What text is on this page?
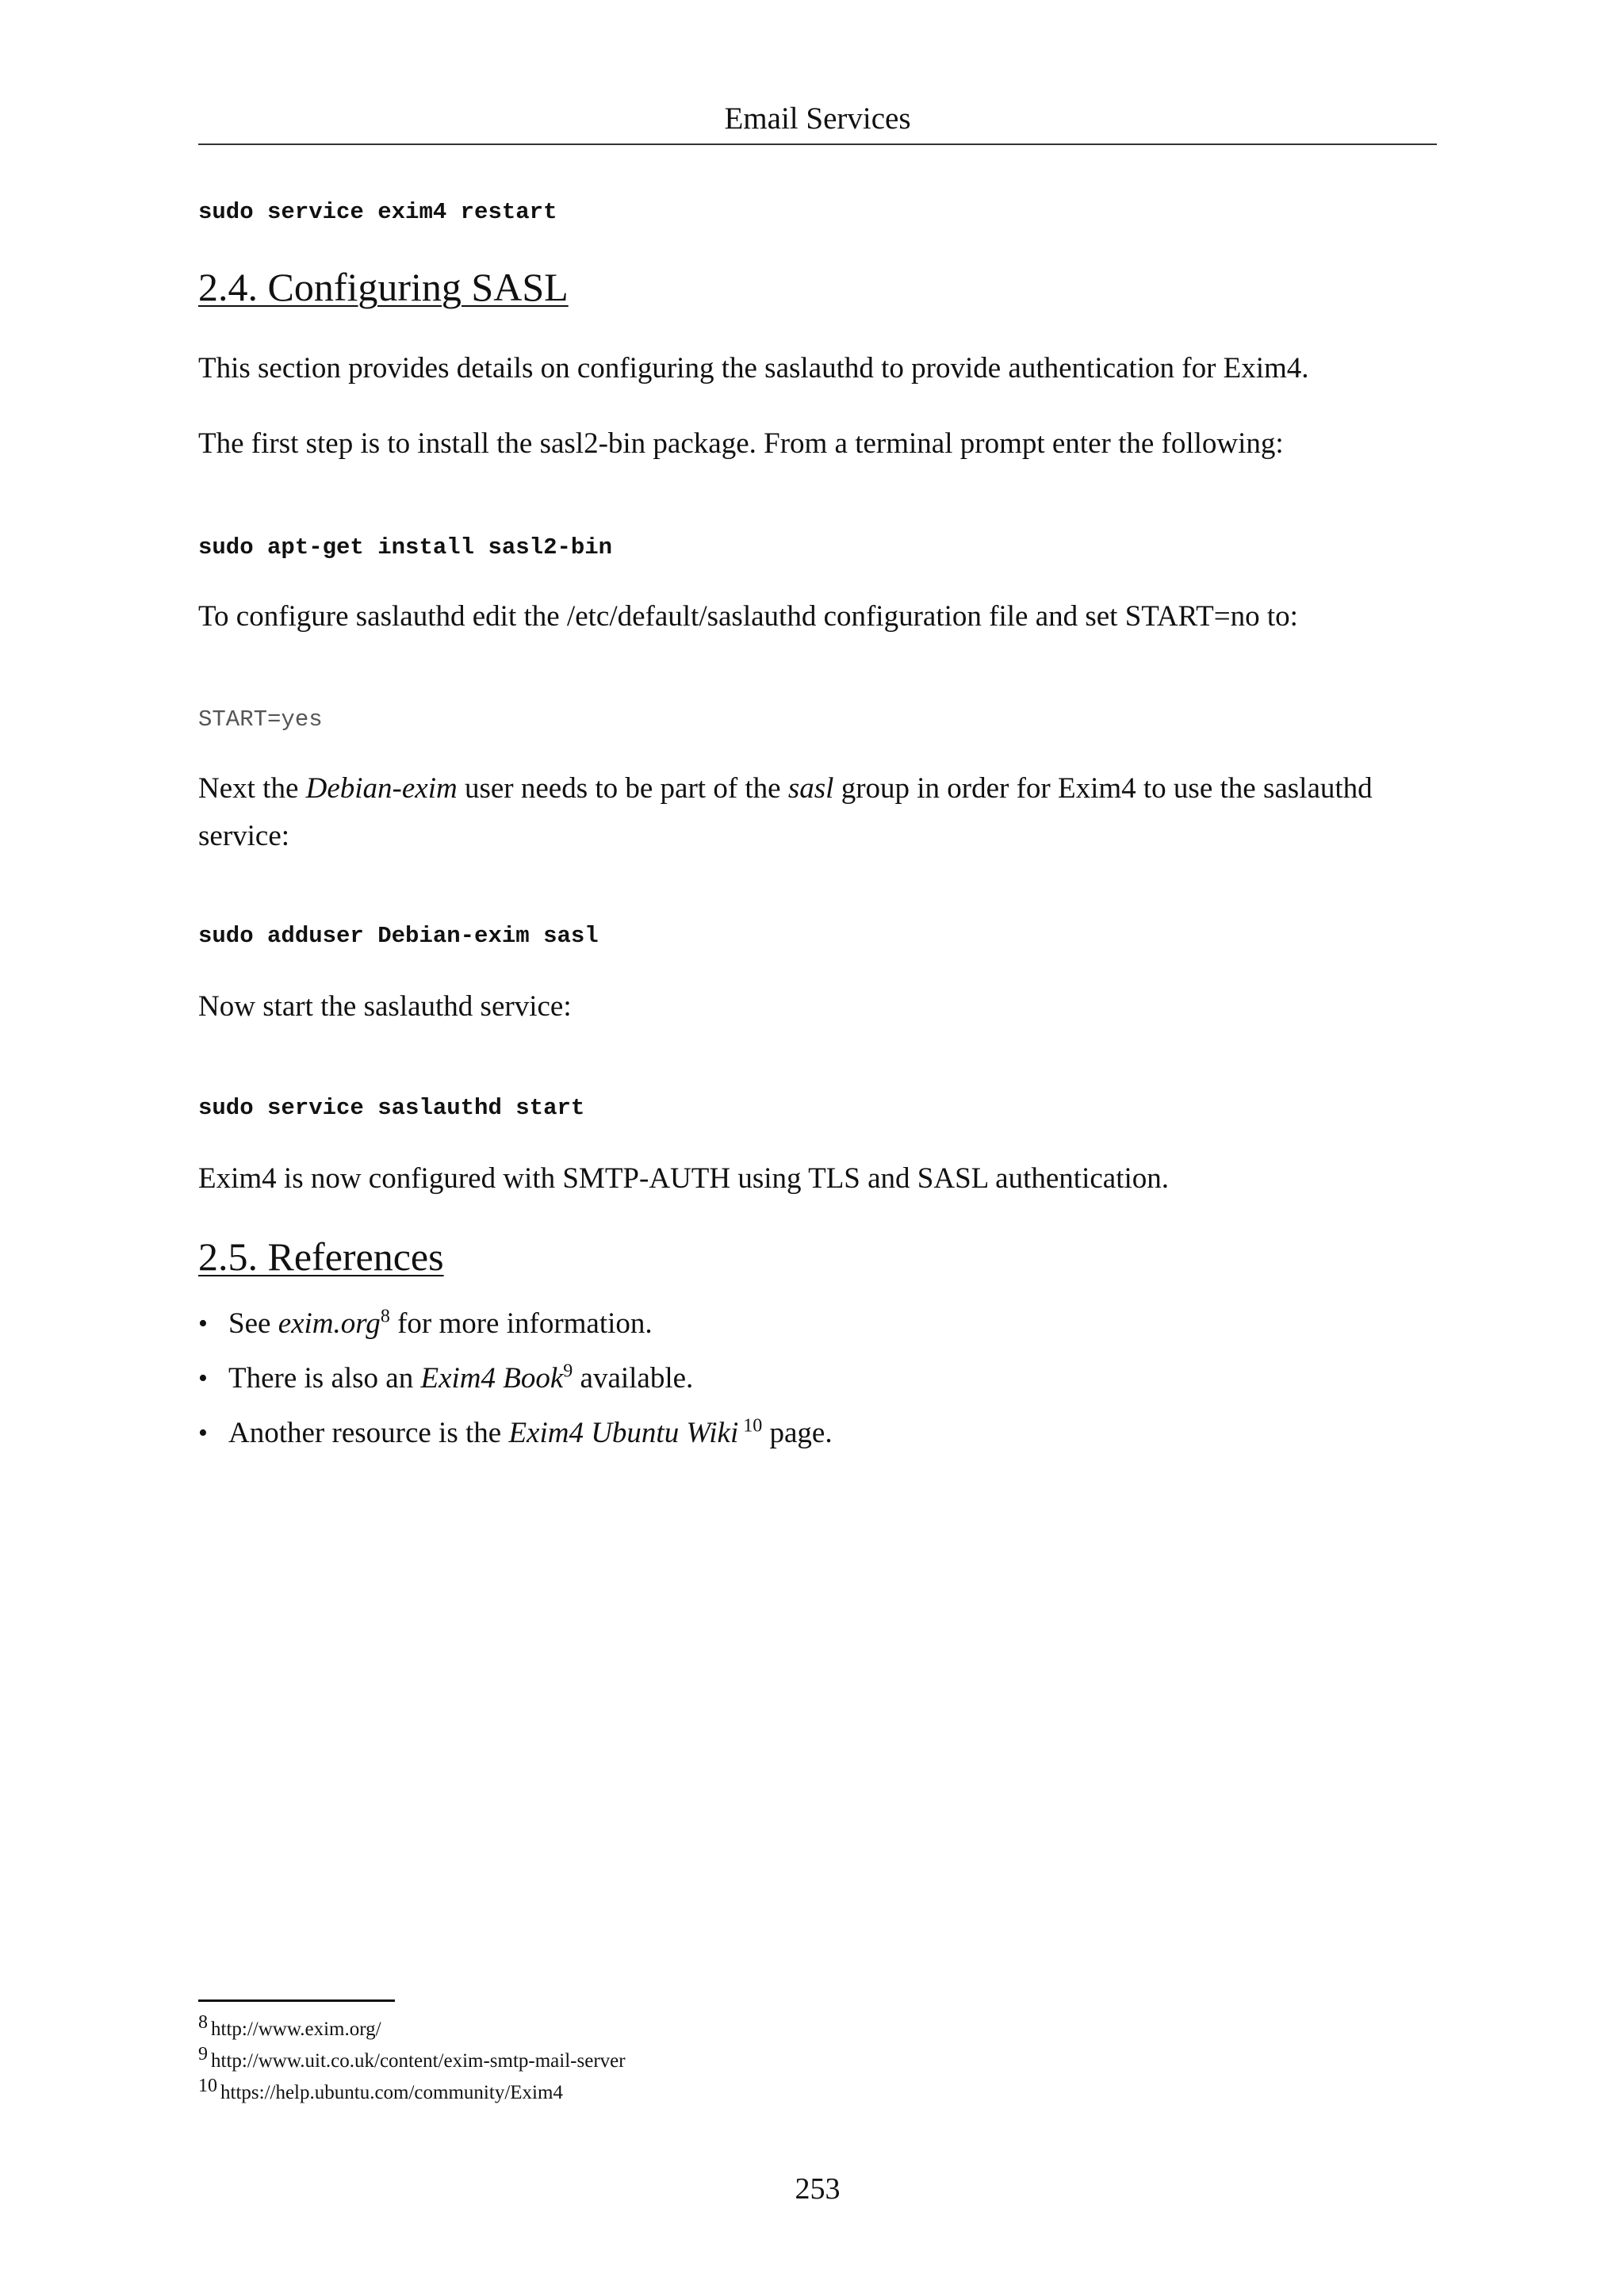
Email Services
sudo service exim4 restart
2.4. Configuring SASL
This section provides details on configuring the saslauthd to provide authentication for Exim4.
The first step is to install the sasl2-bin package. From a terminal prompt enter the following:
sudo apt-get install sasl2-bin
To configure saslauthd edit the /etc/default/saslauthd configuration file and set START=no to:
START=yes
Next the Debian-exim user needs to be part of the sasl group in order for Exim4 to use the saslauthd service:
sudo adduser Debian-exim sasl
Now start the saslauthd service:
sudo service saslauthd start
Exim4 is now configured with SMTP-AUTH using TLS and SASL authentication.
2.5. References
• See exim.org$^8$ for more information.
• There is also an Exim4 Book$^9$ available.
• Another resource is the Exim4 Ubuntu Wiki $^{10}$ page.
8 http://www.exim.org/
9 http://www.uit.co.uk/content/exim-smtp-mail-server
10 https://help.ubuntu.com/community/Exim4
253
